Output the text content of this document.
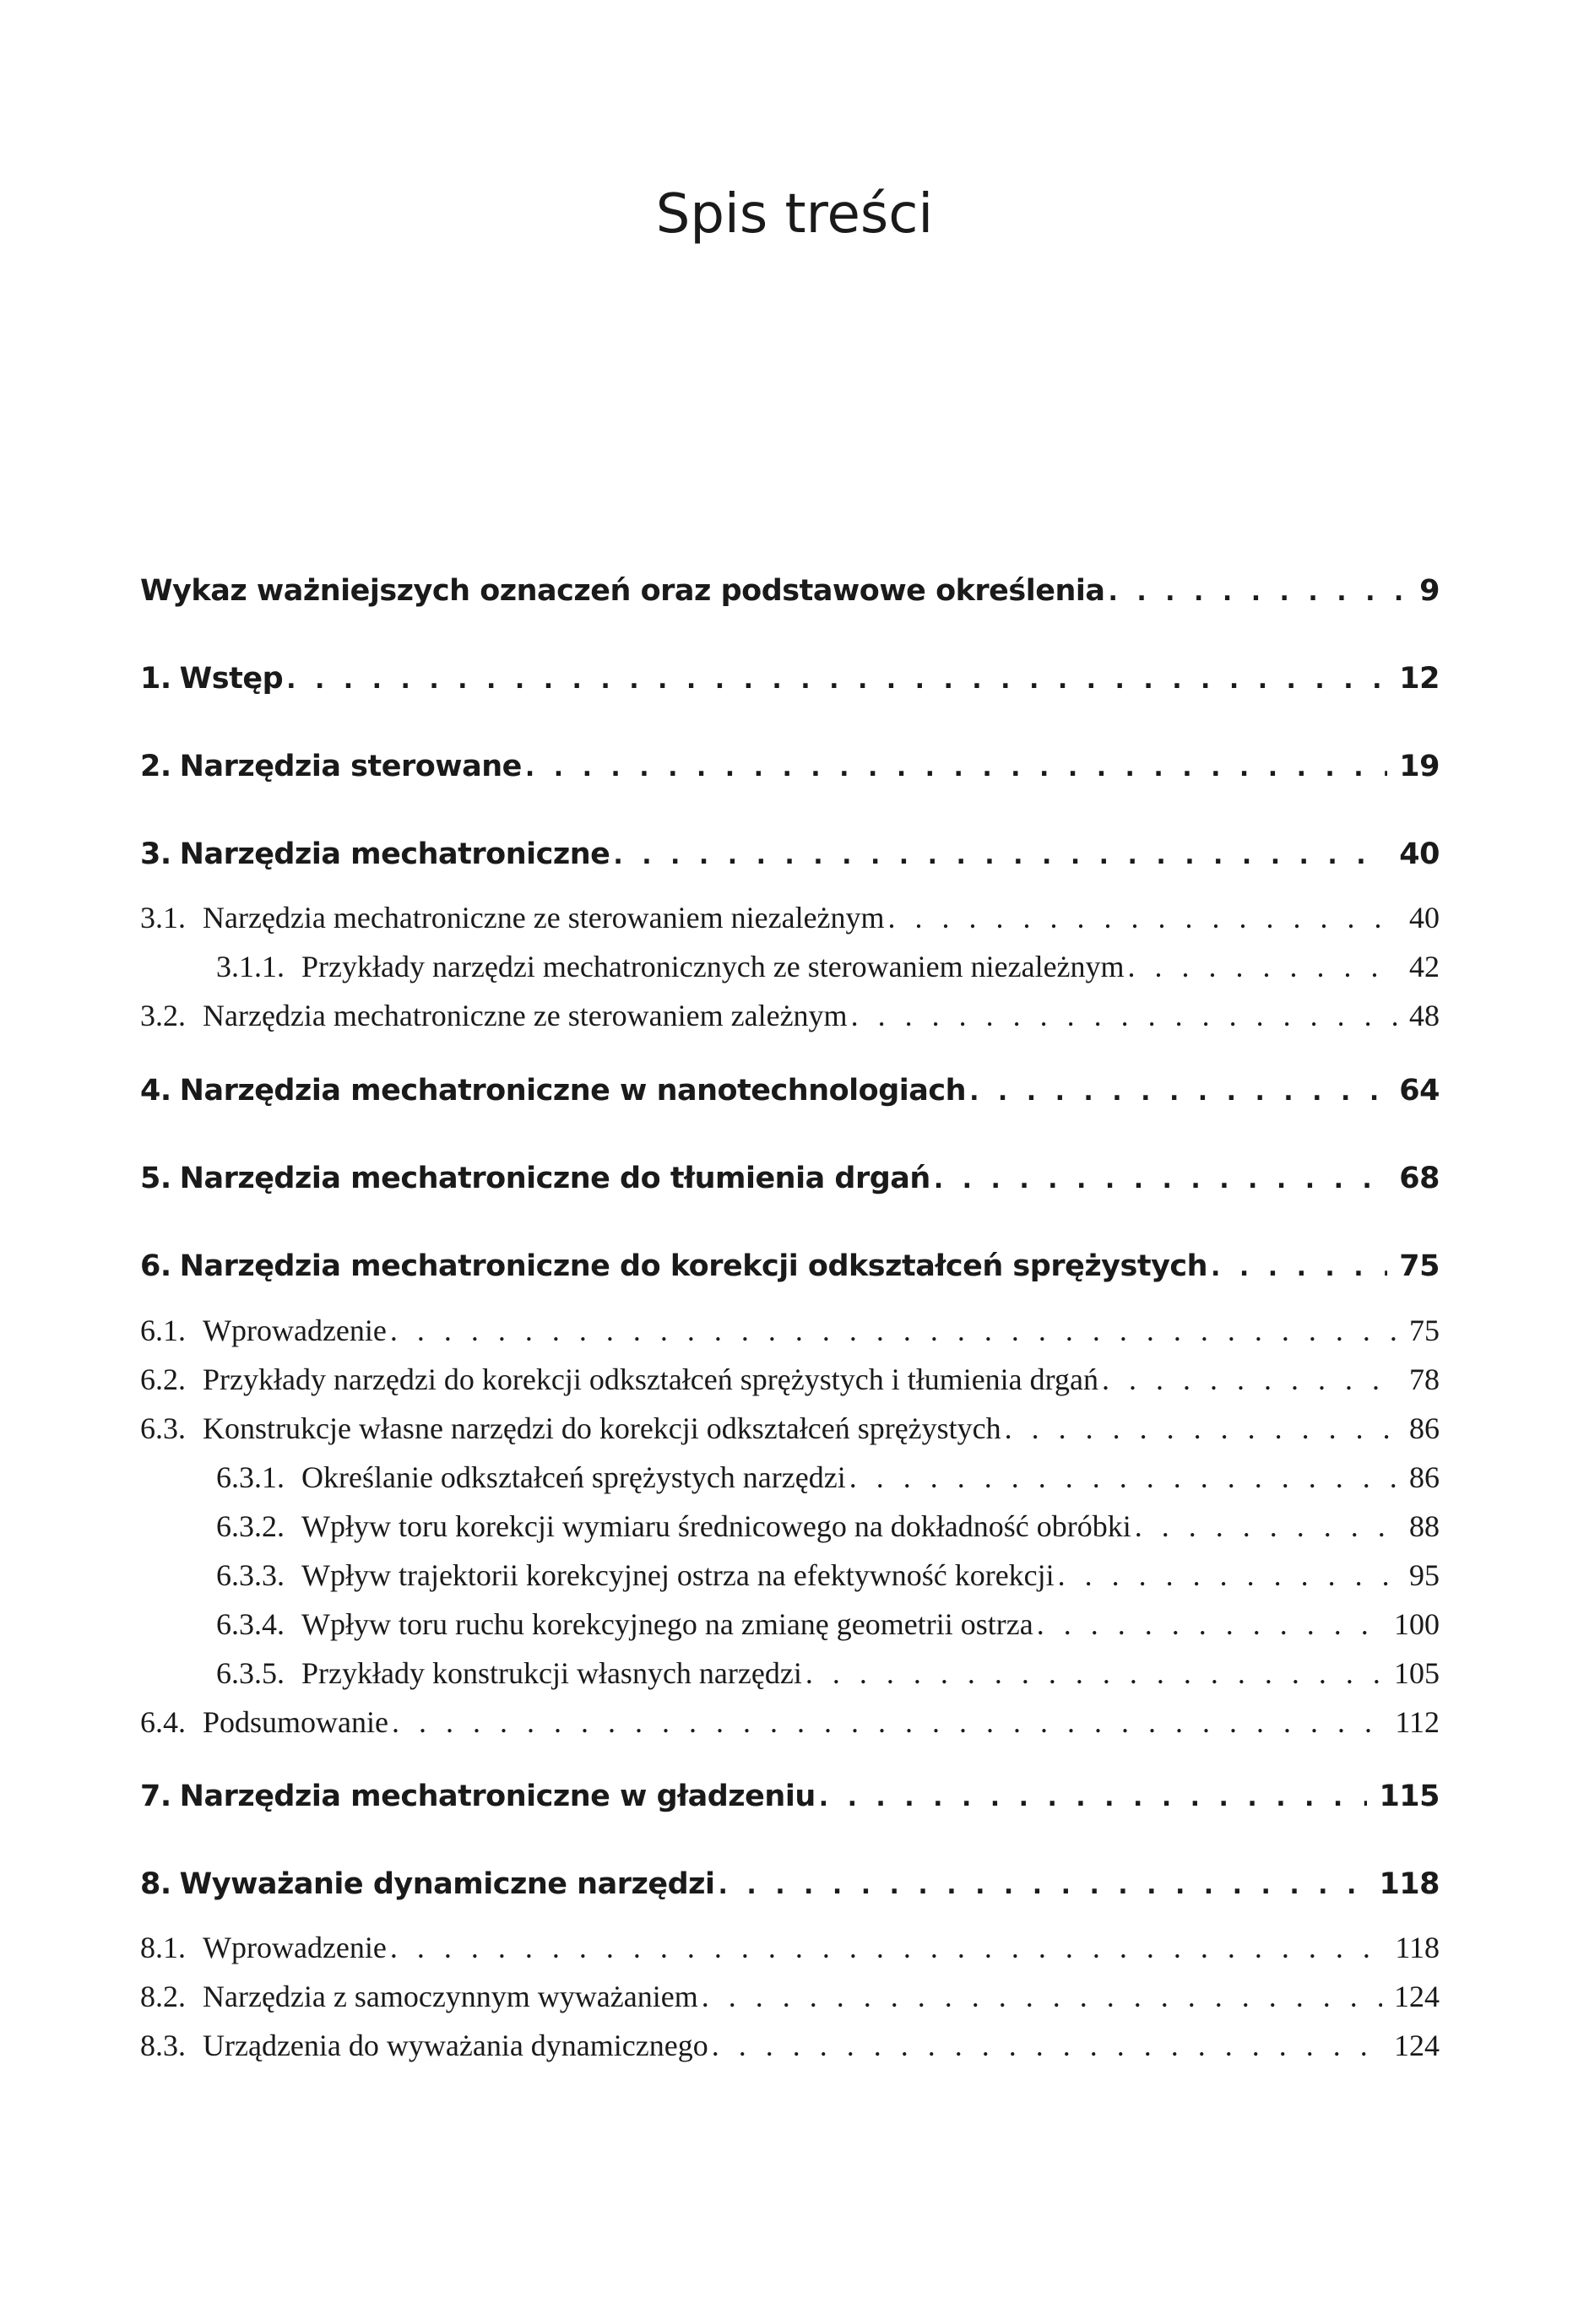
Spis treści
Wykaz ważniejszych oznaczeń oraz podstawowe określenia . . .	9
1. Wstęp . . .	12
2. Narzędzia sterowane . . .	19
3. Narzędzia mechatroniczne . . .	40
3.1. Narzędzia mechatroniczne ze sterowaniem niezależnym . . .	40
3.1.1. Przykłady narzędzi mechatronicznych ze sterowaniem niezależnym . . .	42
3.2. Narzędzia mechatroniczne ze sterowaniem zależnym . . .	48
4. Narzędzia mechatroniczne w nanotechnologiach . . .	64
5. Narzędzia mechatroniczne do tłumienia drgań . . .	68
6. Narzędzia mechatroniczne do korekcji odkształceń sprężystych . . .	75
6.1. Wprowadzenie . . .	75
6.2. Przykłady narzędzi do korekcji odkształceń sprężystych i tłumienia drgań . . .	78
6.3. Konstrukcje własne narzędzi do korekcji odkształceń sprężystych . . .	86
6.3.1. Określanie odkształceń sprężystych narzędzi . . .	86
6.3.2. Wpływ toru korekcji wymiaru średnicowego na dokładność obróbki . . .	88
6.3.3. Wpływ trajektorii korekcyjnej ostrza na efektywność korekcji . . .	95
6.3.4. Wpływ toru ruchu korekcyjnego na zmianę geometrii ostrza . . .	100
6.3.5. Przykłady konstrukcji własnych narzędzi . . .	105
6.4. Podsumowanie . . .	112
7. Narzędzia mechatroniczne w gładzeniu . . .	115
8. Wyważanie dynamiczne narzędzi . . .	118
8.1. Wprowadzenie . . .	118
8.2. Narzędzia z samoczynnym wyważaniem . . .	124
8.3. Urządzenia do wyważania dynamicznego . . .	124
